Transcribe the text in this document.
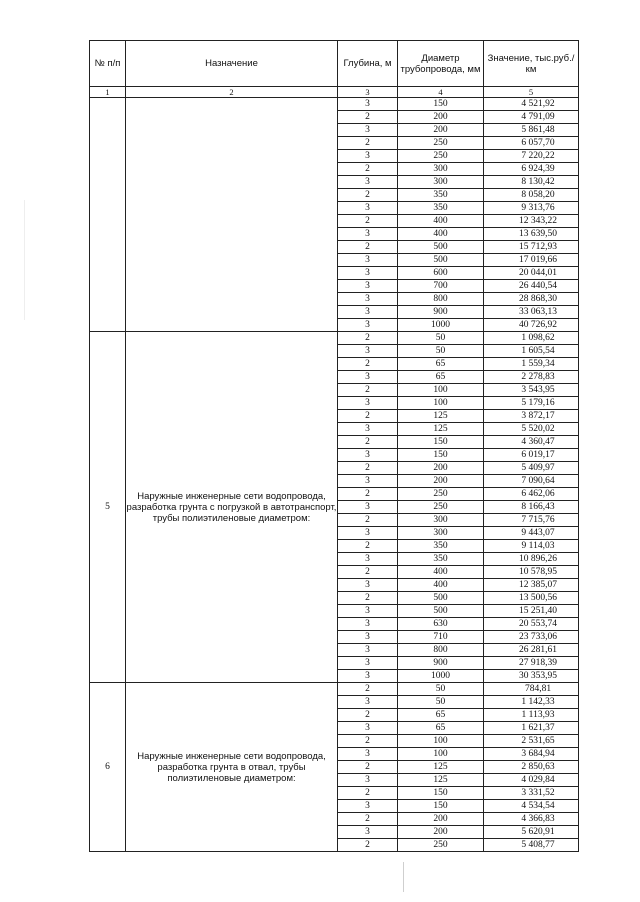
№ п/п	Назначение	Глубина, м	Диаметр трубопровода, мм	Значение, тыс.руб./км
1	2	3	4	5
		3	150	4 521,92
		2	200	4 791,09
		3	200	5 861,48
		2	250	6 057,70
		3	250	7 220,22
		2	300	6 924,39
		3	300	8 130,42
		2	350	8 058,20
		3	350	9 313,76
		2	400	12 343,22
		3	400	13 639,50
		2	500	15 712,93
		3	500	17 019,66
		3	600	20 044,01
		3	700	26 440,54
		3	800	28 868,30
		3	900	33 063,13
		3	1000	40 726,92
5	Наружные инженерные сети водопровода, разработка грунта с погрузкой в автотранспорт, трубы полиэтиленовые диаметром:	2	50	1 098,62
		3	50	1 605,54
		2	65	1 559,34
		3	65	2 278,83
		2	100	3 543,95
		3	100	5 179,16
		2	125	3 872,17
		3	125	5 520,02
		2	150	4 360,47
		3	150	6 019,17
		2	200	5 409,97
		3	200	7 090,64
		2	250	6 462,06
		3	250	8 166,43
		2	300	7 715,76
		3	300	9 443,07
		2	350	9 114,03
		3	350	10 896,26
		2	400	10 578,95
		3	400	12 385,07
		2	500	13 500,56
		3	500	15 251,40
		3	630	20 553,74
		3	710	23 733,06
		3	800	26 281,61
		3	900	27 918,39
		3	1000	30 353,95
6	Наружные инженерные сети водопровода, разработка грунта в отвал, трубы полиэтиленовые диаметром:	2	50	784,81
		3	50	1 142,33
		2	65	1 113,93
		3	65	1 621,37
		2	100	2 531,65
		3	100	3 684,94
		2	125	2 850,63
		3	125	4 029,84
		2	150	3 331,52
		3	150	4 534,54
		2	200	4 366,83
		3	200	5 620,91
		2	250	5 408,77
